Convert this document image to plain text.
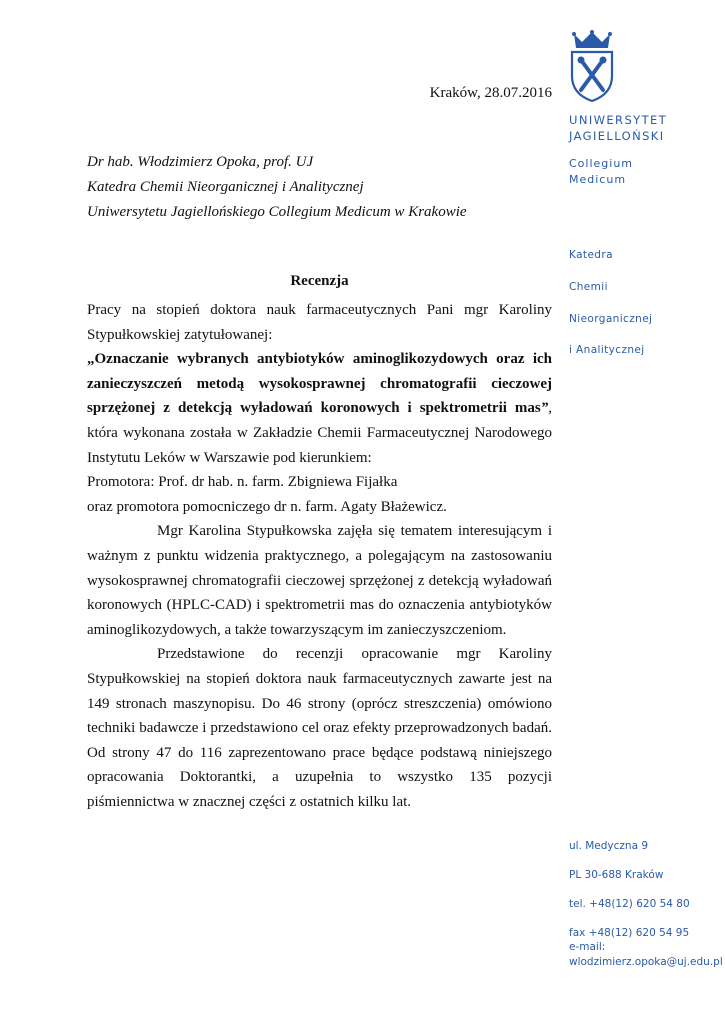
UNIWERSYTET
JAGIELLOŃSKI
Collegium
Medicum
Katedra
Chemii
Nieorganicznej
i Analitycznej
ul. Medyczna 9
PL 30-688 Kraków
tel. +48(12) 620 54 80
fax +48(12) 620 54 95
e-mail:
wlodzimierz.opoka@uj.edu.pl
Kraków, 28.07.2016
Dr hab. Włodzimierz Opoka, prof. UJ
Katedra Chemii Nieorganicznej i Analitycznej
Uniwersytetu Jagiellońskiego Collegium Medicum w Krakowie
Recenzja

Pracy na stopień doktora nauk farmaceutycznych Pani mgr Karoliny Stypułkowskiej zatytułowanej:
„Oznaczanie wybranych antybiotyków aminoglikozydowych oraz ich zanieczyszczeń metodą wysokosprawnej chromatografii cieczowej sprzężonej z detekcją wyładowań koronowych i spektrometrii mas”, która wykonana została w Zakładzie Chemii Farmaceutycznej Narodowego Instytutu Leków w Warszawie pod kierunkiem:

Promotora: Prof. dr hab. n. farm. Zbigniewa Fijałka

oraz promotora pomocniczego dr n. farm. Agaty Błażewicz.

Mgr Karolina Stypułkowska zajęła się tematem interesującym i ważnym z punktu widzenia praktycznego, a polegającym na zastosowaniu wysokosprawnej chromatografii cieczowej sprzężonej z detekcją wyładowań koronowych (HPLC-CAD) i spektrometrii mas do oznaczenia antybiotyków aminoglikozydowych, a także towarzyszącym im zanieczyszczeniom.

Przedstawione do recenzji opracowanie mgr Karoliny Stypułkowskiej na stopień doktora nauk farmaceutycznych zawarte jest na 149 stronach maszynopisu. Do 46 strony (oprócz streszczenia) omówiono techniki badawcze i przedstawiono cel oraz efekty przeprowadzonych badań. Od strony 47 do 116 zaprezentowano prace będące podstawą niniejszego opracowania Doktorantki, a uzupełnia to wszystko 135 pozycji piśmiennictwa w znacznej części z ostatnich kilku lat.
